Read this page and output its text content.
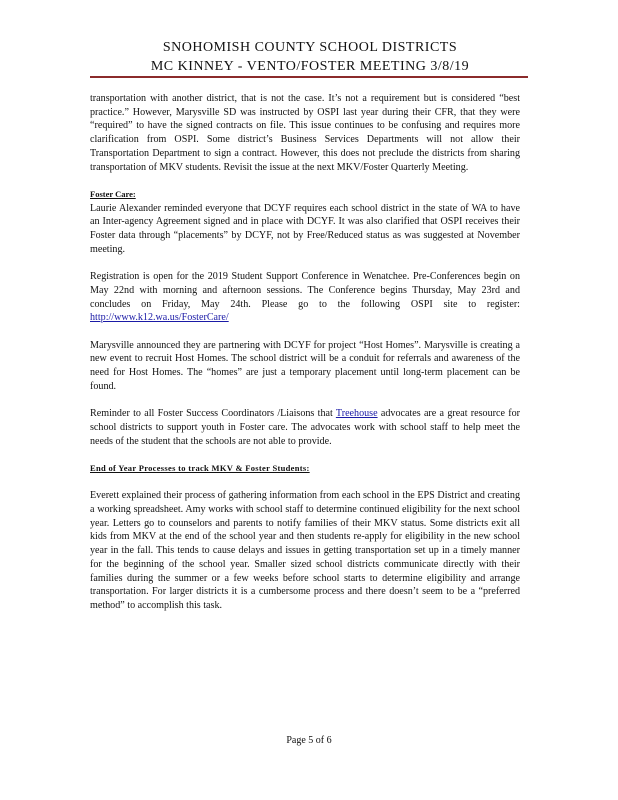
SNOHOMISH COUNTY SCHOOL DISTRICTS
MC KINNEY - VENTO/FOSTER MEETING 3/8/19

transportation with another district, that is not the case. It’s not a requirement but is considered “best practice.” However, Marysville SD was instructed by OSPI last year during their CFR, that they were “required” to have the signed contracts on file. This issue continues to be confusing and requires more clarification from OSPI. Some district’s Business Services Departments will not allow their Transportation Department to sign a contract. However, this does not preclude the districts from sharing transportation of MKV students. Revisit the issue at the next MKV/Foster Quarterly Meeting.

Foster Care:

Laurie Alexander reminded everyone that DCYF requires each school district in the state of WA to have an Inter-agency Agreement signed and in place with DCYF. It was also clarified that OSPI receives their Foster data through “placements” by DCYF, not by Free/Reduced status as was suggested at November meeting.

Registration is open for the 2019 Student Support Conference in Wenatchee. Pre-Conferences begin on May 22nd with morning and afternoon sessions. The Conference begins Thursday, May 23rd and concludes on Friday, May 24th. Please go to the following OSPI site to register: http://www.k12.wa.us/FosterCare/

Marysville announced they are partnering with DCYF for project “Host Homes”. Marysville is creating a new event to recruit Host Homes. The school district will be a conduit for referrals and awareness of the need for Host Homes. The “homes” are just a temporary placement until long-term placement can be found.

Reminder to all Foster Success Coordinators /Liaisons that Treehouse advocates are a great resource for school districts to support youth in Foster care. The advocates work with school staff to help meet the needs of the student that the schools are not able to provide.

End of Year Processes to track MKV & Foster Students:

Everett explained their process of gathering information from each school in the EPS District and creating a working spreadsheet. Amy works with school staff to determine continued eligibility for the next school year. Letters go to counselors and parents to notify families of their MKV status. Some districts exit all kids from MKV at the end of the school year and then students re-apply for eligibility in the new school year in the fall. This tends to cause delays and issues in getting transportation set up in a timely manner for the beginning of the school year. Smaller sized school districts communicate directly with their families during the summer or a few weeks before school starts to determine eligibility and arrange transportation. For larger districts it is a cumbersome process and there doesn’t seem to be a “preferred method” to accomplish this task.

Page 5 of 6
